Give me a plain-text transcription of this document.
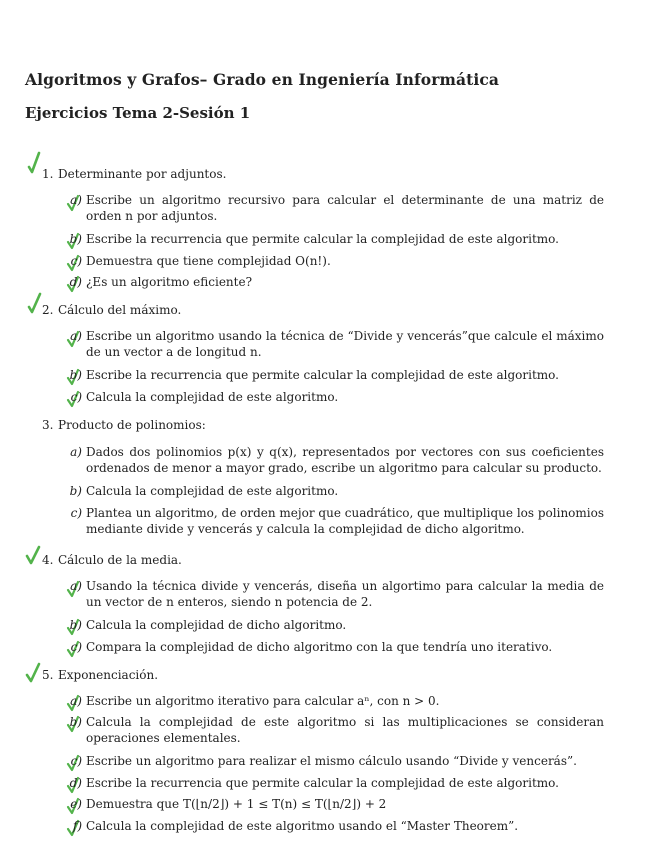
Algoritmos y Grafos– Grado en Ingeniería Informática
Ejercicios Tema 2-Sesión 1
1. Determinante por adjuntos.
a) Escribe un algoritmo recursivo para calcular el determinante de una matriz de orden n por adjuntos.
b) Escribe la recurrencia que permite calcular la complejidad de este algoritmo.
c) Demuestra que tiene complejidad O(n!).
d) ¿Es un algoritmo eficiente?
2. Cálculo del máximo.
a) Escribe un algoritmo usando la técnica de “Divide y vencerás”que calcule el máximo de un vector a de longitud n.
b) Escribe la recurrencia que permite calcular la complejidad de este algoritmo.
c) Calcula la complejidad de este algoritmo.
3. Producto de polinomios:
a) Dados dos polinomios p(x) y q(x), representados por vectores con sus coeficientes ordenados de menor a mayor grado, escribe un algoritmo para calcular su producto.
b) Calcula la complejidad de este algoritmo.
c) Plantea un algoritmo, de orden mejor que cuadrático, que multiplique los polinomios mediante divide y vencerás y calcula la complejidad de dicho algoritmo.
4. Cálculo de la media.
a) Usando la técnica divide y vencerás, diseña un algortimo para calcular la media de un vector de n enteros, siendo n potencia de 2.
b) Calcula la complejidad de dicho algoritmo.
c) Compara la complejidad de dicho algoritmo con la que tendría uno iterativo.
5. Exponenciación.
a) Escribe un algoritmo iterativo para calcular aⁿ, con n > 0.
b) Calcula la complejidad de este algoritmo si las multiplicaciones se consideran operaciones elementales.
c) Escribe un algoritmo para realizar el mismo cálculo usando “Divide y vencerás”.
d) Escribe la recurrencia que permite calcular la complejidad de este algoritmo.
e) Demuestra que T(⌊n/2⌋) + 1 ≤ T(n) ≤ T(⌊n/2⌋) + 2
f) Calcula la complejidad de este algoritmo usando el “Master Theorem”.
